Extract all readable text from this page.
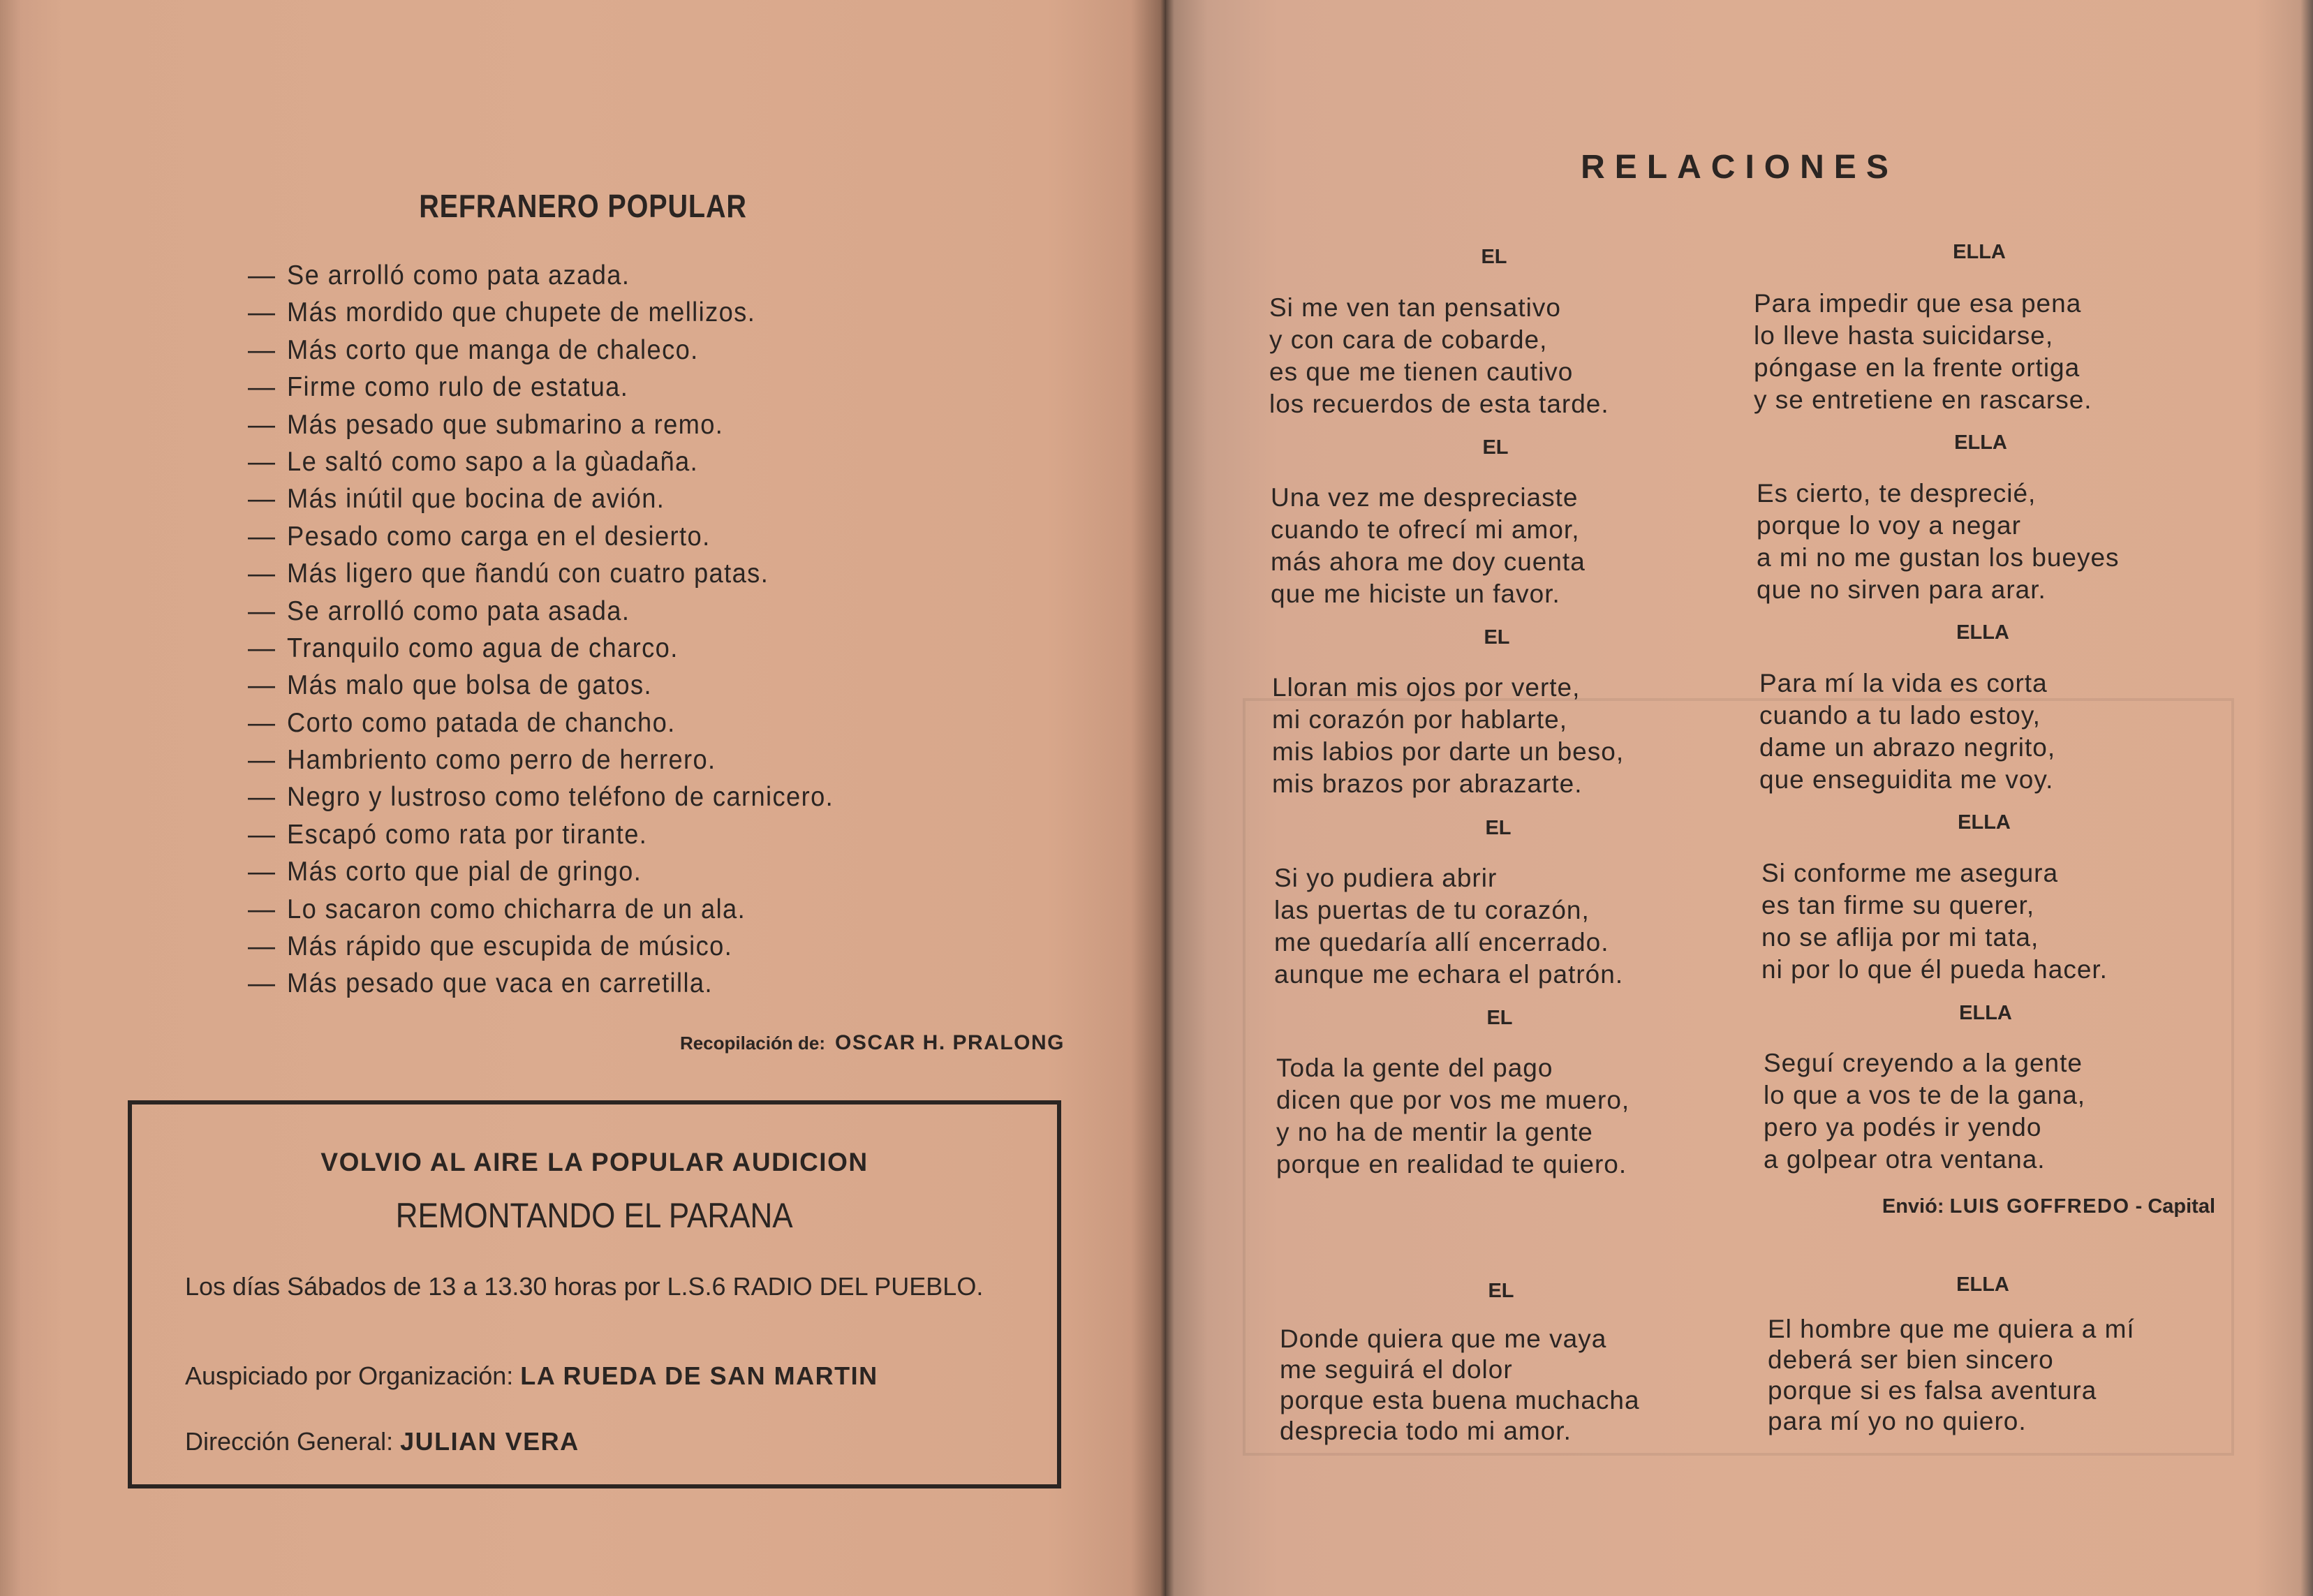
REFRANERO POPULAR
— Se arrolló como pata azada.
— Más mordido que chupete de mellizos.
— Más corto que manga de chaleco.
— Firme como rulo de estatua.
— Más pesado que submarino a remo.
— Le saltó como sapo a la gùadaña.
— Más inútil que bocina de avión.
— Pesado como carga en el desierto.
— Más ligero que ñandú con cuatro patas.
— Se arrolló como pata asada.
— Tranquilo como agua de charco.
— Más malo que bolsa de gatos.
— Corto como patada de chancho.
— Hambriento como perro de herrero.
— Negro y lustroso como teléfono de carnicero.
— Escapó como rata por tirante.
— Más corto que pial de gringo.
— Lo sacaron como chicharra de un ala.
— Más rápido que escupida de músico.
— Más pesado que vaca en carretilla.
Recopilación de: OSCAR H. PRALONG
VOLVIO AL AIRE LA POPULAR AUDICION
REMONTANDO EL PARANA
Los días Sábados de 13 a 13.30 horas por L.S.6 RADIO DEL PUEBLO.
Auspiciado por Organización: LA RUEDA DE SAN MARTIN
Dirección General: JULIAN VERA
RELACIONES
EL	ELLA
Si me ven tan pensativo
y con cara de cobarde,
es que me tienen cautivo
los recuerdos de esta tarde.
Para impedir que esa pena
lo lleve hasta suicidarse,
póngase en la frente ortiga
y se entretiene en rascarse.
EL	ELLA
Una vez me despreciaste
cuando te ofrecí mi amor,
más ahora me doy cuenta
que me hiciste un favor.
Es cierto, te desprecié,
porque lo voy a negar
a mi no me gustan los bueyes
que no sirven para arar.
EL	ELLA
Lloran mis ojos por verte,
mi corazón por hablarte,
mis labios por darte un beso,
mis brazos por abrazarte.
Para mí la vida es corta
cuando a tu lado estoy,
dame un abrazo negrito,
que enseguidita me voy.
EL	ELLA
Si yo pudiera abrir
las puertas de tu corazón,
me quedaría allí encerrado.
aunque me echara el patrón.
Si conforme me asegura
es tan firme su querer,
no se aflija por mi tata,
ni por lo que él pueda hacer.
EL	ELLA
Toda la gente del pago
dicen que por vos me muero,
y no ha de mentir la gente
porque en realidad te quiero.
Seguí creyendo a la gente
lo que a vos te de la gana,
pero ya podés ir yendo
a golpear otra ventana.
Envió: LUIS GOFFREDO - Capital
EL	ELLA
Donde quiera que me vaya
me seguirá el dolor
porque esta buena muchacha
desprecia todo mi amor.
El hombre que me quiera a mí
deberá ser bien sincero
porque si es falsa aventura
para mí yo no quiero.
